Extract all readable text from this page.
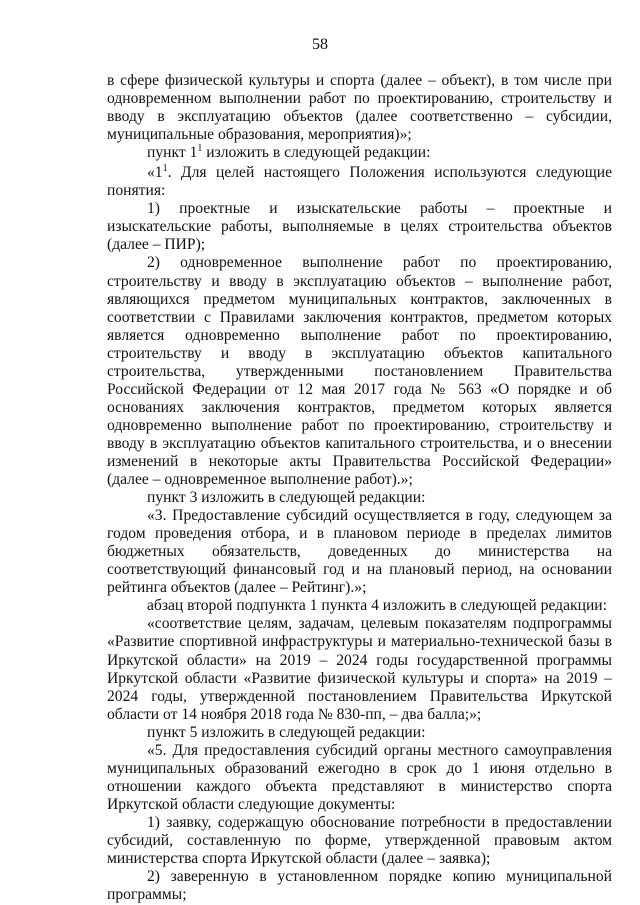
58

в сфере физической культуры и спорта (далее – объект), в том числе при одновременном выполнении работ по проектированию, строительству и вводу в эксплуатацию объектов (далее соответственно – субсидии, муниципальные образования, мероприятия)»;

пункт $1^1$ изложить в следующей редакции:

«$1^1$. Для целей настоящего Положения используются следующие понятия:

1) проектные и изыскательские работы – проектные и изыскательские работы, выполняемые в целях строительства объектов (далее – ПИР);

2) одновременное выполнение работ по проектированию, строительству и вводу в эксплуатацию объектов – выполнение работ, являющихся предметом муниципальных контрактов, заключенных в соответствии с Правилами заключения контрактов, предметом которых является одновременно выполнение работ по проектированию, строительству и вводу в эксплуатацию объектов капитального строительства, утвержденными постановлением Правительства Российской Федерации от 12 мая 2017 года № 563 «О порядке и об основаниях заключения контрактов, предметом которых является одновременно выполнение работ по проектированию, строительству и вводу в эксплуатацию объектов капитального строительства, и о внесении изменений в некоторые акты Правительства Российской Федерации» (далее – одновременное выполнение работ).»;

пункт 3 изложить в следующей редакции:

«3. Предоставление субсидий осуществляется в году, следующем за годом проведения отбора, и в плановом периоде в пределах лимитов бюджетных обязательств, доведенных до министерства на соответствующий финансовый год и на плановый период, на основании рейтинга объектов (далее – Рейтинг).»;

абзац второй подпункта 1 пункта 4 изложить в следующей редакции:

«соответствие целям, задачам, целевым показателям подпрограммы «Развитие спортивной инфраструктуры и материально-технической базы в Иркутской области» на 2019 – 2024 годы государственной программы Иркутской области «Развитие физической культуры и спорта» на 2019 – 2024 годы, утвержденной постановлением Правительства Иркутской области от 14 ноября 2018 года № 830-пп, – два балла;»;

пункт 5 изложить в следующей редакции:

«5. Для предоставления субсидий органы местного самоуправления муниципальных образований ежегодно в срок до 1 июня отдельно в отношении каждого объекта представляют в министерство спорта Иркутской области следующие документы:

1) заявку, содержащую обоснование потребности в предоставлении субсидий, составленную по форме, утвержденной правовым актом министерства спорта Иркутской области (далее – заявка);

2) заверенную в установленном порядке копию муниципальной программы;
